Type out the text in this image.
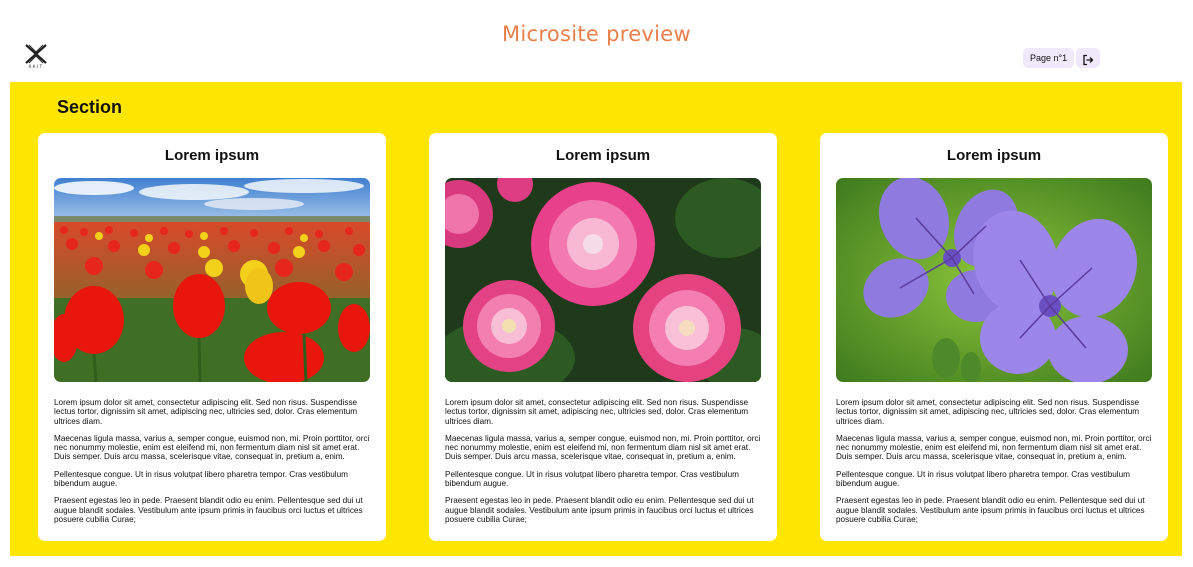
XAIT
Microsite preview
Page n°1
Section
Lorem ipsum

Lorem ipsum dolor sit amet, consectetur adipiscing elit. Sed non risus. Suspendisse lectus tortor, dignissim sit amet, adipiscing nec, ultricies sed, dolor. Cras elementum ultrices diam.

Maecenas ligula massa, varius a, semper congue, euismod non, mi. Proin porttitor, orci nec nonummy molestie, enim est eleifend mi, non fermentum diam nisl sit amet erat. Duis semper. Duis arcu massa, scelerisque vitae, consequat in, pretium a, enim.

Pellentesque congue. Ut in risus volutpat libero pharetra tempor. Cras vestibulum bibendum augue.

Praesent egestas leo in pede. Praesent blandit odio eu enim. Pellentesque sed dui ut augue blandit sodales. Vestibulum ante ipsum primis in faucibus orci luctus et ultrices posuere cubilia Curae;

Lorem ipsum

Lorem ipsum dolor sit amet, consectetur adipiscing elit. Sed non risus. Suspendisse lectus tortor, dignissim sit amet, adipiscing nec, ultricies sed, dolor. Cras elementum ultrices diam.

Maecenas ligula massa, varius a, semper congue, euismod non, mi. Proin porttitor, orci nec nonummy molestie, enim est eleifend mi, non fermentum diam nisl sit amet erat. Duis semper. Duis arcu massa, scelerisque vitae, consequat in, pretium a, enim.

Pellentesque congue. Ut in risus volutpat libero pharetra tempor. Cras vestibulum bibendum augue.

Praesent egestas leo in pede. Praesent blandit odio eu enim. Pellentesque sed dui ut augue blandit sodales. Vestibulum ante ipsum primis in faucibus orci luctus et ultrices posuere cubilia Curae;

Lorem ipsum

Lorem ipsum dolor sit amet, consectetur adipiscing elit. Sed non risus. Suspendisse lectus tortor, dignissim sit amet, adipiscing nec, ultricies sed, dolor. Cras elementum ultrices diam.

Maecenas ligula massa, varius a, semper congue, euismod non, mi. Proin porttitor, orci nec nonummy molestie, enim est eleifend mi, non fermentum diam nisl sit amet erat. Duis semper. Duis arcu massa, scelerisque vitae, consequat in, pretium a, enim.

Pellentesque congue. Ut in risus volutpat libero pharetra tempor. Cras vestibulum bibendum augue.

Praesent egestas leo in pede. Praesent blandit odio eu enim. Pellentesque sed dui ut augue blandit sodales. Vestibulum ante ipsum primis in faucibus orci luctus et ultrices posuere cubilia Curae;
